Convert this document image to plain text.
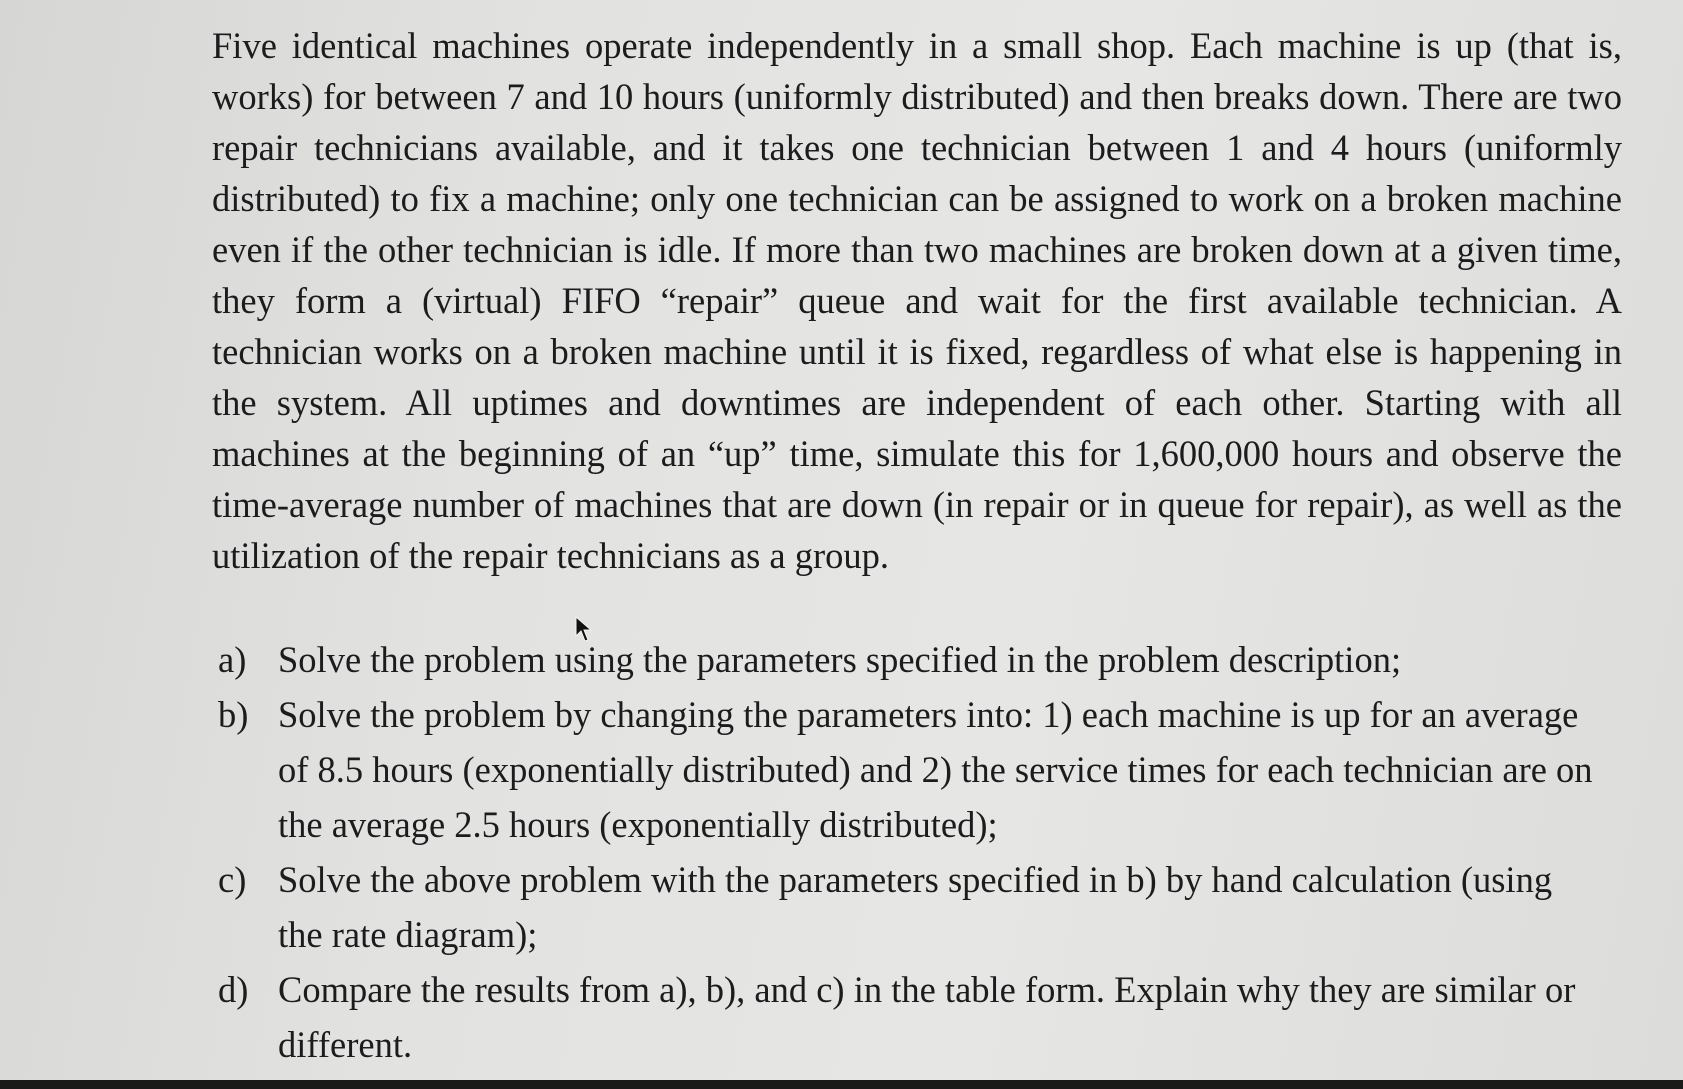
Five identical machines operate independently in a small shop. Each machine is up (that is, works) for between 7 and 10 hours (uniformly distributed) and then breaks down. There are two repair technicians available, and it takes one technician between 1 and 4 hours (uniformly distributed) to fix a machine; only one technician can be assigned to work on a broken machine even if the other technician is idle. If more than two machines are broken down at a given time, they form a (virtual) FIFO “repair” queue and wait for the first available technician. A technician works on a broken machine until it is fixed, regardless of what else is happening in the system. All uptimes and downtimes are independent of each other. Starting with all machines at the beginning of an “up” time, simulate this for 1,600,000 hours and observe the time-average number of machines that are down (in repair or in queue for repair), as well as the utilization of the repair technicians as a group.

a) Solve the problem using the parameters specified in the problem description;
b) Solve the problem by changing the parameters into: 1) each machine is up for an average of 8.5 hours (exponentially distributed) and 2) the service times for each technician are on the average 2.5 hours (exponentially distributed);
c) Solve the above problem with the parameters specified in b) by hand calculation (using the rate diagram);
d) Compare the results from a), b), and c) in the table form. Explain why they are similar or different.
